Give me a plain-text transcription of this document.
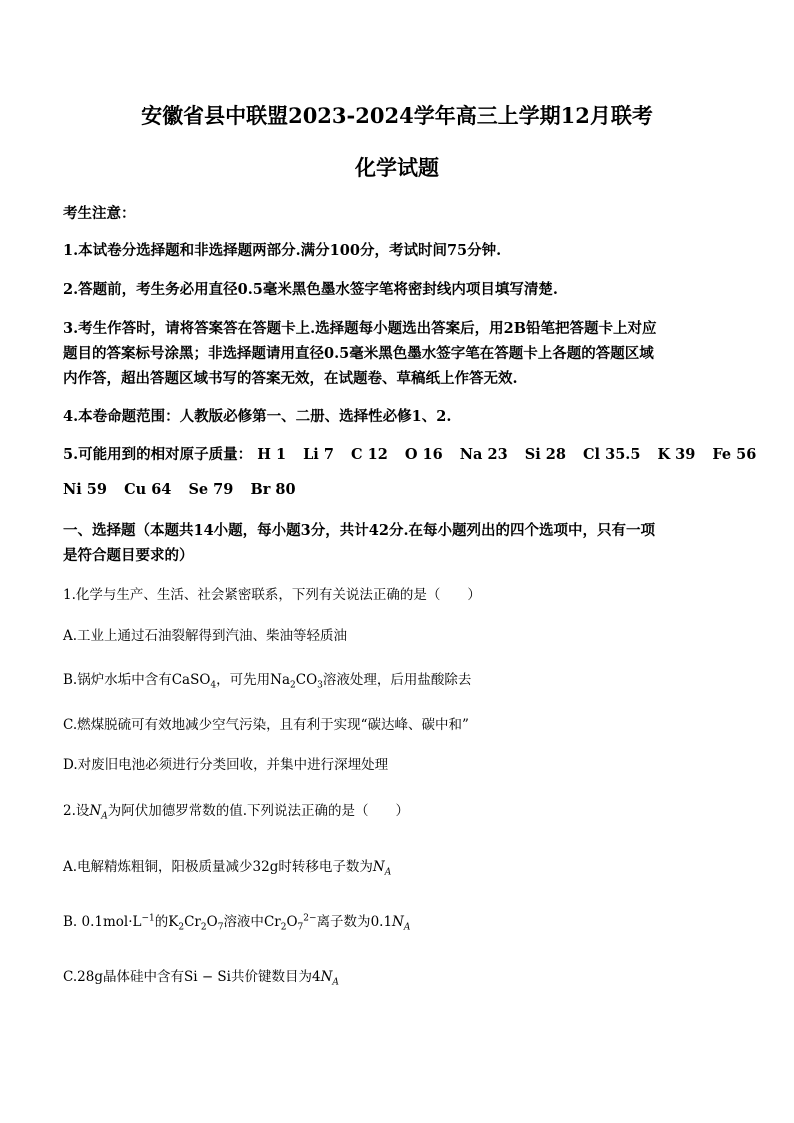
安徽省县中联盟2023-2024学年高三上学期12月联考
化学试题
考生注意：
1.本试卷分选择题和非选择题两部分.满分100分，考试时间75分钟.
2.答题前，考生务必用直径0.5毫米黑色墨水签字笔将密封线内项目填写清楚.
3.考生作答时，请将答案答在答题卡上.选择题每小题选出答案后，用2B铅笔把答题卡上对应
题目的答案标号涂黑；非选择题请用直径0.5毫米黑色墨水签字笔在答题卡上各题的答题区域
内作答，超出答题区域书写的答案无效，在试题卷、草稿纸上作答无效.
4.本卷命题范围：人教版必修第一、二册、选择性必修1、2.
5.可能用到的相对原子质量： H 1 Li 7 C 12 O 16 Na 23 Si 28 Cl 35.5 K 39 Fe 56
Ni 59 Cu 64 Se 79 Br 80
一、选择题（本题共14小题，每小题3分，共计42分.在每小题列出的四个选项中，只有一项
是符合题目要求的）
1.化学与生产、生活、社会紧密联系，下列有关说法正确的是（　　）
A.工业上通过石油裂解得到汽油、柴油等轻质油
B.锅炉水垢中含有CaSO$_4$，可先用$Na_2CO_3$溶液处理，后用盐酸除去
C.燃煤脱硫可有效地减少空气污染，且有利于实现“碳达峰、碳中和”
D.对废旧电池必须进行分类回收，并集中进行深埋处理
2.设$N_A$为阿伏加德罗常数的值.下列说法正确的是（　　）
A.电解精炼粗铜，阳极质量减少32g时转移电子数为$N_A$
B. $0.1mol\cdot L^{-1}$的$K_2Cr_2O_7$溶液中$Cr_2O_7^{2-}$离子数为$0.1N_A$
C.28g晶体硅中含有Si − Si共价键数目为$4N_A$
